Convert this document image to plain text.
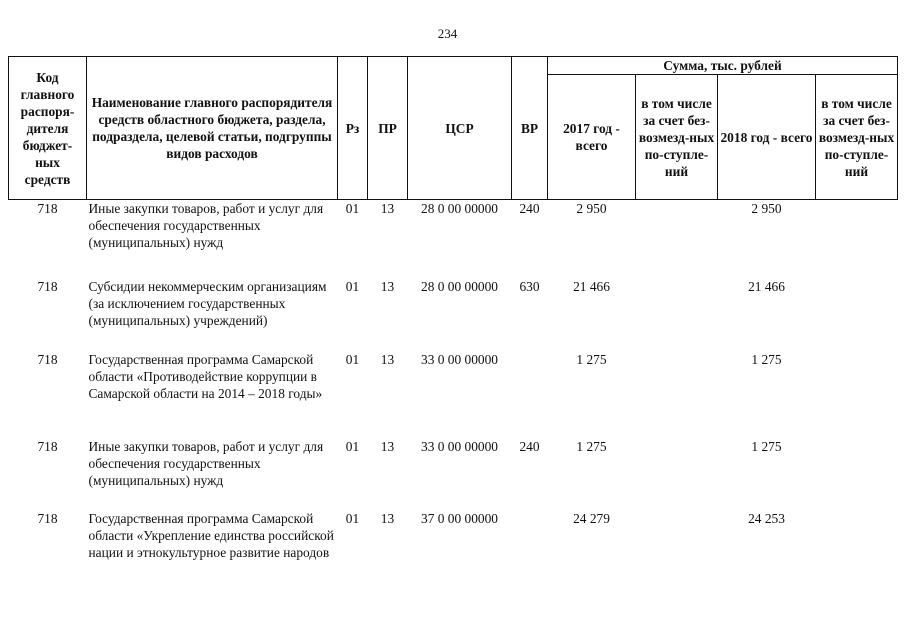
234
Код главного распоря-дителя бюджет-ных средств	Наименование главного распорядителя средств областного бюджета, раздела, подраздела, целевой статьи, подгруппы видов расходов	Рз	ПР	ЦСР	ВР	Сумма, тыс. рублей			
						2017 год - всего	в том числе за счет без-возмезд-ных по-ступле-ний	2018 год - всего	в том числе за счет без-возмезд-ных по-ступле-ний
718	Иные закупки товаров, работ и услуг для обеспечения государственных (муниципальных) нужд	01	13	28 0 00 00000	240	2 950		2 950	
718	Субсидии некоммерческим организациям (за исключением государственных (муниципальных) учреждений)	01	13	28 0 00 00000	630	21 466		21 466	
718	Государственная программа Самарской области «Противодействие коррупции в Самарской области на 2014 – 2018 годы»	01	13	33 0 00 00000		1 275		1 275	
718	Иные закупки товаров, работ и услуг для обеспечения государственных (муниципальных) нужд	01	13	33 0 00 00000	240	1 275		1 275	
718	Государственная программа Самарской области «Укрепление единства российской нации и этнокультурное развитие народов	01	13	37 0 00 00000		24 279		24 253	
